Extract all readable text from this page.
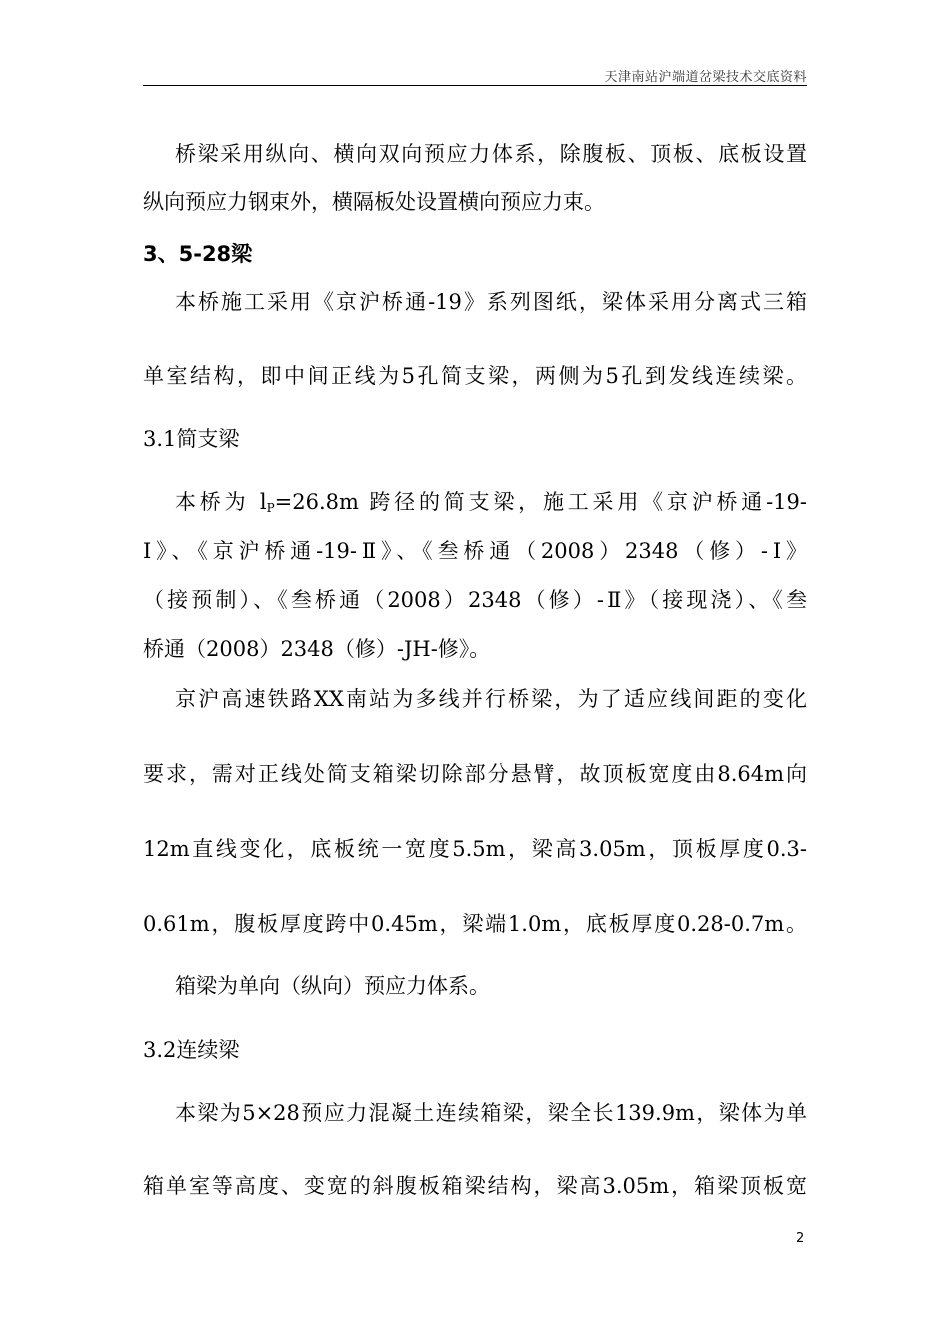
天津南站沪端道岔梁技术交底资料
桥梁采用纵向、横向双向预应力体系，除腹板、顶板、底板设置
纵向预应力钢束外，横隔板处设置横向预应力束。
3、5-28梁
本桥施工采用《京沪桥通-19》系列图纸，梁体采用分离式三箱
单室结构，即中间正线为5孔简支梁，两侧为5孔到发线连续梁。
3.1简支梁
本桥为 $l_P=26.8m$ 跨径的简支梁，施工采用《京沪桥通-19-
Ⅰ》、《京沪桥通-19-Ⅱ》、《叁桥通（2008）2348（修）-Ⅰ》
（接预制）、《叁桥通（2008）2348（修）-Ⅱ》（接现浇）、《叁
桥通（2008）2348（修）-JH-修》。
京沪高速铁路XX南站为多线并行桥梁，为了适应线间距的变化
要求，需对正线处简支箱梁切除部分悬臂，故顶板宽度由8.64m向
12m直线变化，底板统一宽度5.5m，梁高3.05m，顶板厚度0.3-
0.61m，腹板厚度跨中0.45m，梁端1.0m，底板厚度0.28-0.7m。
箱梁为单向（纵向）预应力体系。
3.2连续梁
本梁为5×28预应力混凝土连续箱梁，梁全长139.9m，梁体为单
箱单室等高度、变宽的斜腹板箱梁结构，梁高3.05m，箱梁顶板宽
2
